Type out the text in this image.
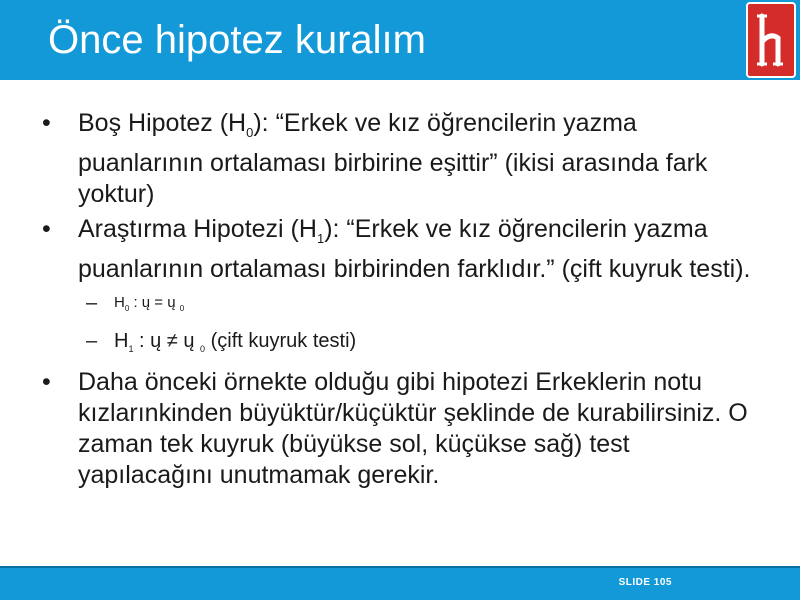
Önce hipotez kuralım
• Boş Hipotez $(H_0)$: “Erkek ve kız öğrencilerin yazma puanlarının ortalaması birbirine eşittir” (ikisi arasında fark yoktur)
• Araştırma Hipotezi $(H_1)$: “Erkek ve kız öğrencilerin yazma puanlarının ortalaması birbirinden farklıdır.” (çift kuyruk testi).
– $H_0$ : ų = ų $_0$
– $H_1$ : ų ≠ ų $_0$ (çift kuyruk testi)
• Daha önceki örnekte olduğu gibi hipotezi Erkeklerin notu kızlarınkinden büyüktür/küçüktür şeklinde de kurabilirsiniz. O zaman tek kuyruk (büyükse sol, küçükse sağ) test yapılacağını unutmamak gerekir.
SLIDE 105
